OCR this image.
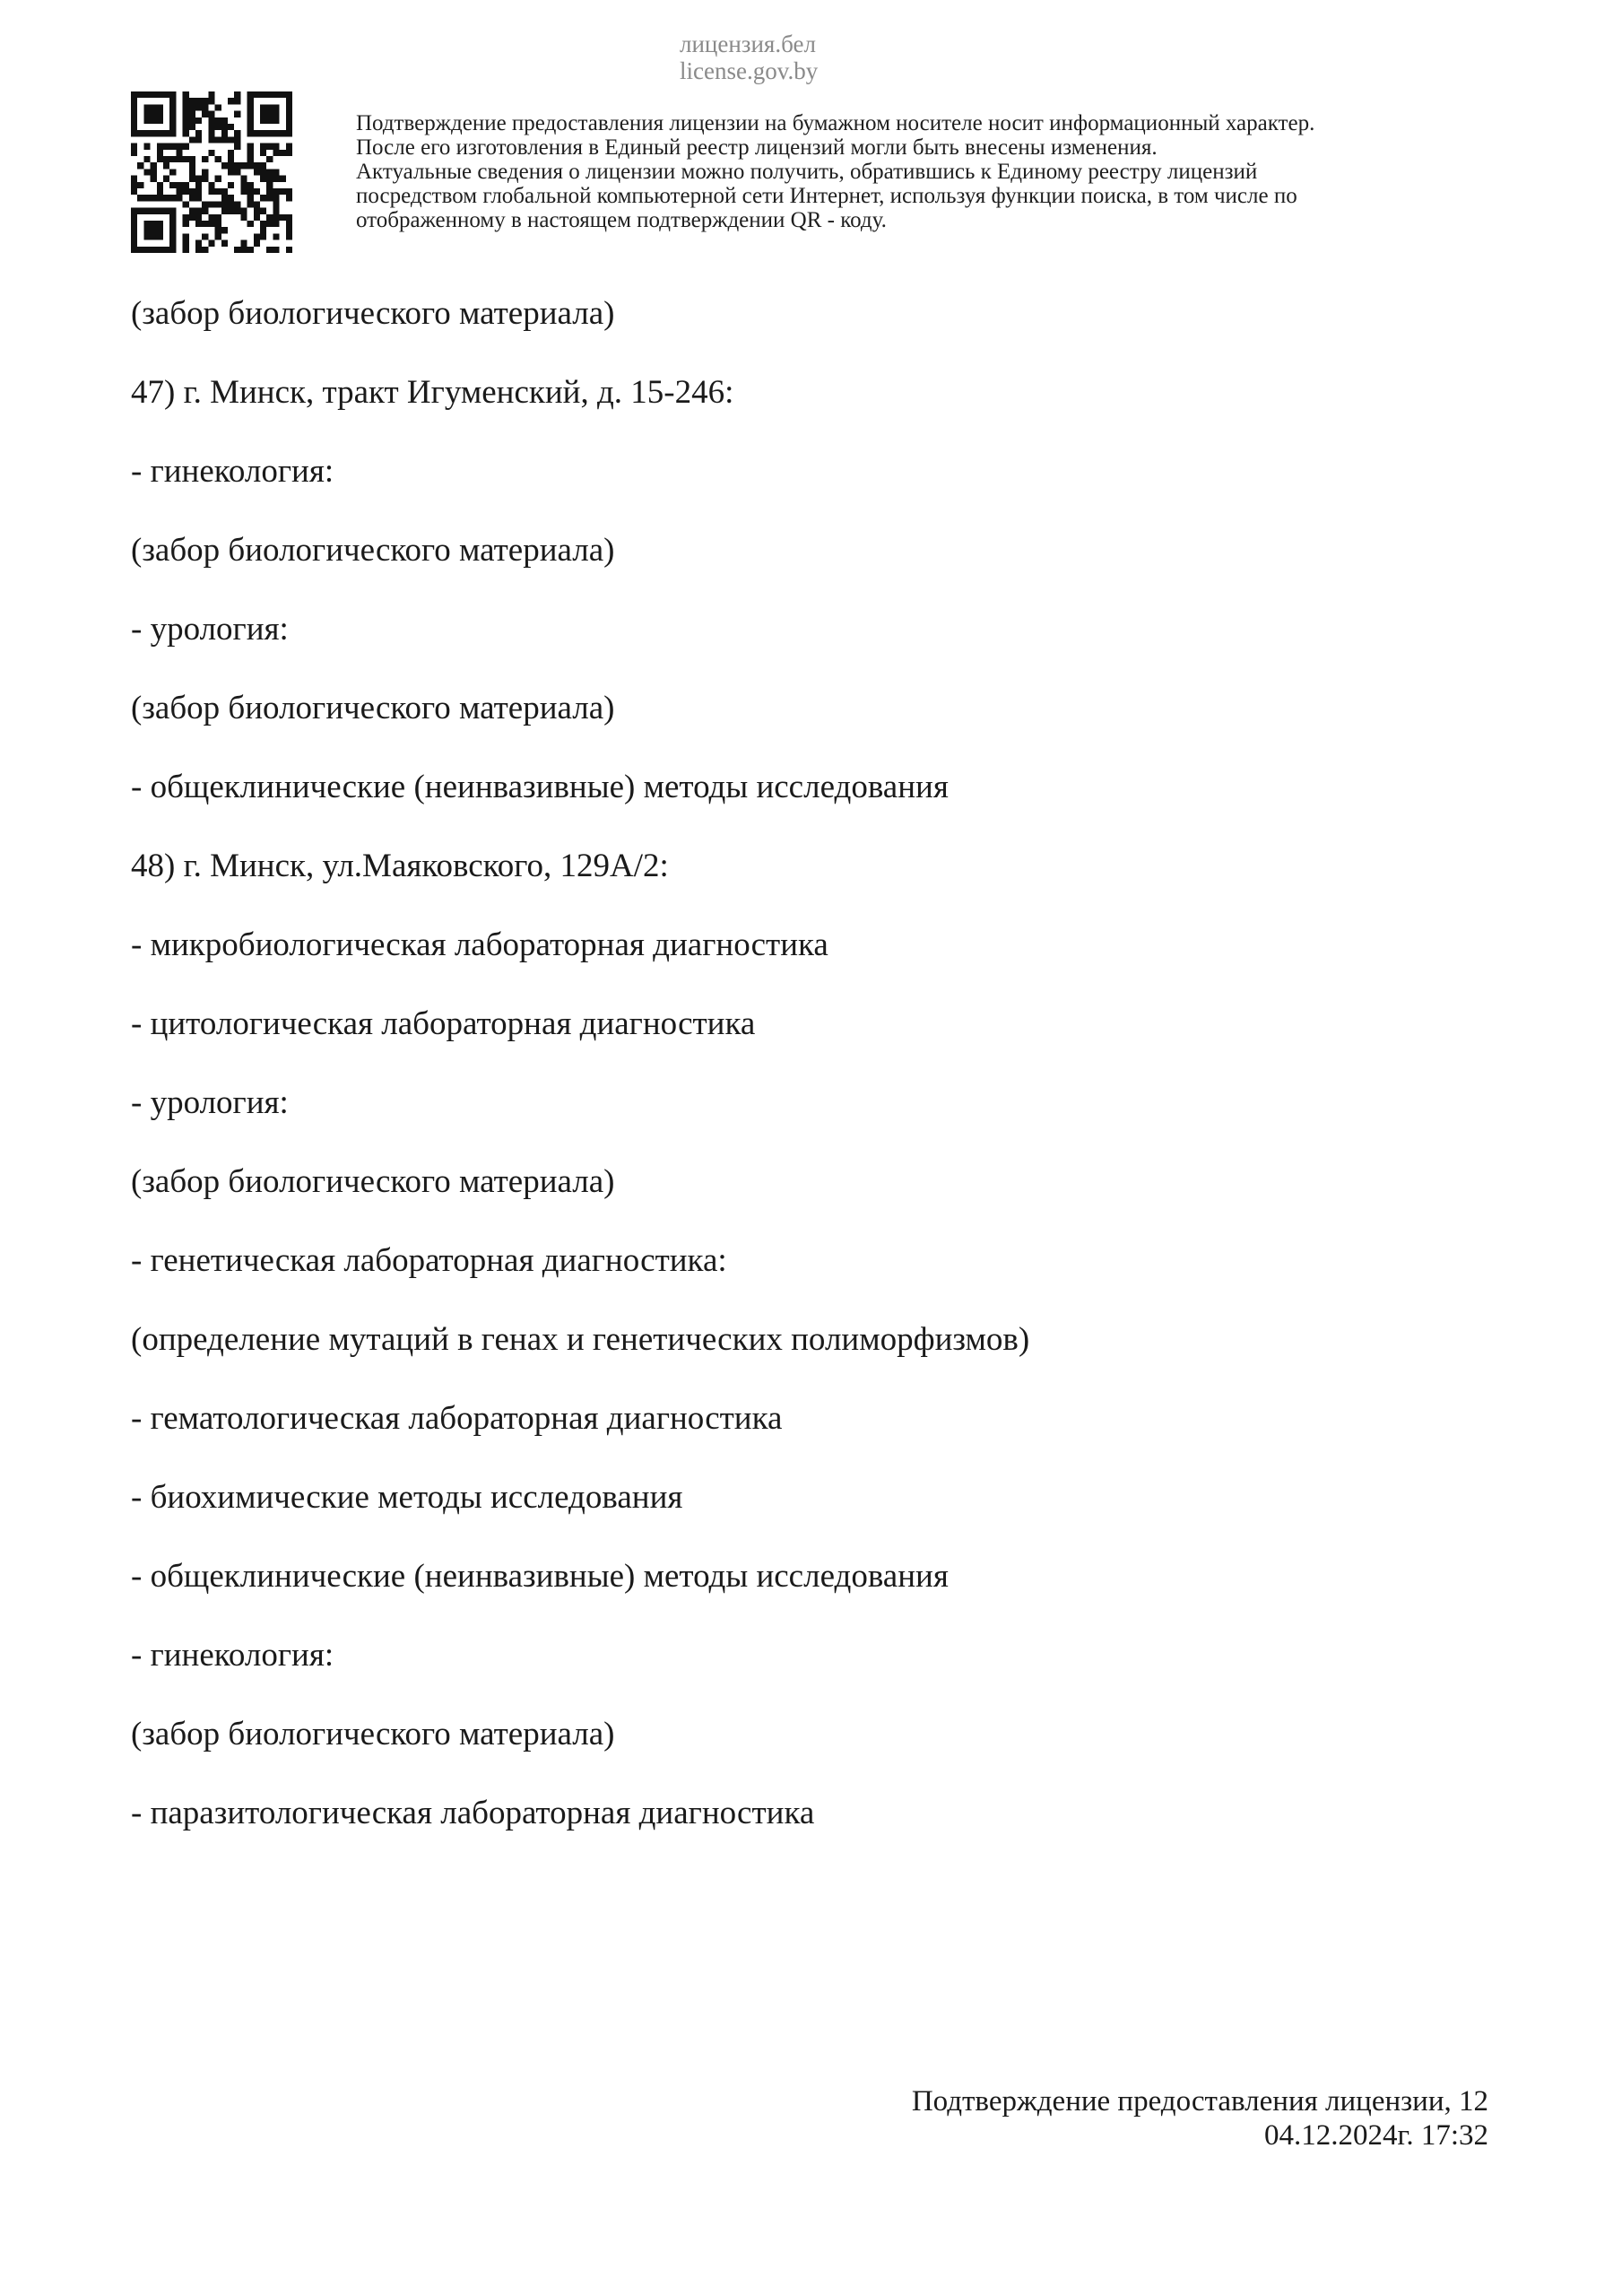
лицензия.бел
license.gov.by
Подтверждение предоставления лицензии на бумажном носителе носит информационный характер.
После его изготовления в Единый реестр лицензий могли быть внесены изменения.
Актуальные сведения о лицензии можно получить, обратившись к Единому реестру лицензий
посредством глобальной компьютерной сети Интернет, используя функции поиска, в том числе по
отображенному в настоящем подтверждении QR - коду.
(забор биологического материала)
47) г. Минск, тракт Игуменский, д. 15-246:
- гинекология:
(забор биологического материала)
- урология:
(забор биологического материала)
- общеклинические (неинвазивные) методы исследования
48) г. Минск, ул.Маяковского, 129А/2:
- микробиологическая лабораторная диагностика
- цитологическая лабораторная диагностика
- урология:
(забор биологического материала)
- генетическая лабораторная диагностика:
(определение мутаций в генах и генетических полиморфизмов)
- гематологическая лабораторная диагностика
- биохимические методы исследования
- общеклинические (неинвазивные) методы исследования
- гинекология:
(забор биологического материала)
- паразитологическая лабораторная диагностика
Подтверждение предоставления лицензии, 12
04.12.2024г. 17:32
